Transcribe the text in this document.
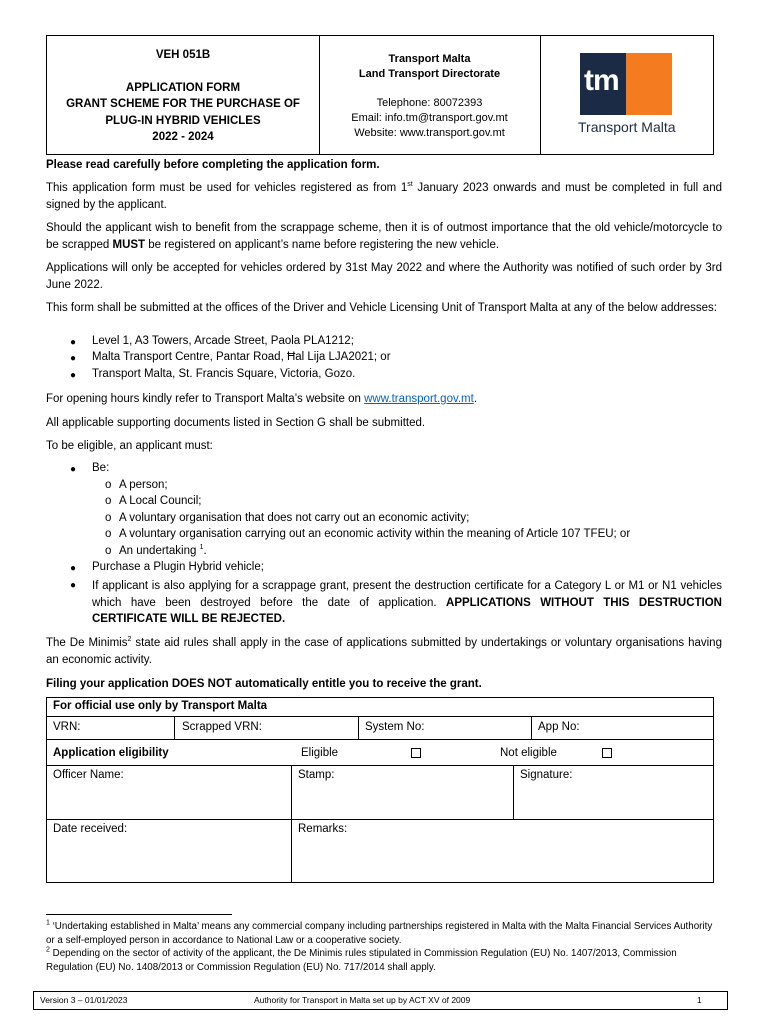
VEH 051B
APPLICATION FORM
GRANT SCHEME FOR THE PURCHASE OF
PLUG-IN HYBRID VEHICLES
2022 - 2024
Transport Malta
Land Transport Directorate
Telephone: 80072393
Email: info.tm@transport.gov.mt
Website: www.transport.gov.mt
tm
Transport Malta

Please read carefully before completing the application form.

This application form must be used for vehicles registered as from 1st January 2023 onwards and must be completed in full and signed by the applicant.

Should the applicant wish to benefit from the scrappage scheme, then it is of outmost importance that the old vehicle/motorcycle to be scrapped MUST be registered on applicant’s name before registering the new vehicle.

Applications will only be accepted for vehicles ordered by 31st May 2022 and where the Authority was notified of such order by 3rd June 2022.

This form shall be submitted at the offices of the Driver and Vehicle Licensing Unit of Transport Malta at any of the below addresses:

● Level 1, A3 Towers, Arcade Street, Paola PLA1212;
● Malta Transport Centre, Pantar Road, Ħal Lija LJA2021; or
● Transport Malta, St. Francis Square, Victoria, Gozo.

For opening hours kindly refer to Transport Malta’s website on www.transport.gov.mt.

All applicable supporting documents listed in Section G shall be submitted.

To be eligible, an applicant must:

● Be:
o A person;
o A Local Council;
o A voluntary organisation that does not carry out an economic activity;
o A voluntary organisation carrying out an economic activity within the meaning of Article 107 TFEU; or
o An undertaking $^1$.
● Purchase a Plugin Hybrid vehicle;
● If applicant is also applying for a scrappage grant, present the destruction certificate for a Category L or M1 or N1 vehicles which have been destroyed before the date of application. APPLICATIONS WITHOUT THIS DESTRUCTION CERTIFICATE WILL BE REJECTED.

The De Minimis$^2$ state aid rules shall apply in the case of applications submitted by undertakings or voluntary organisations having an economic activity.

Filing your application DOES NOT automatically entitle you to receive the grant.

For official use only by Transport Malta
VRN:	Scrapped VRN:	System No:	App No:
Application eligibility	Eligible	Not eligible
Officer Name:	Stamp:	Signature:
Date received:	Remarks:

$^1$ ‘Undertaking established in Malta’ means any commercial company including partnerships registered in Malta with the Malta Financial Services Authority or a self-employed person in accordance to National Law or a cooperative society.

$^2$ Depending on the sector of activity of the applicant, the De Minimis rules stipulated in Commission Regulation (EU) No. 1407/2013, Commission Regulation (EU) No. 1408/2013 or Commission Regulation (EU) No. 717/2014 shall apply.

Version 3 – 01/01/2023	Authority for Transport in Malta set up by ACT XV of 2009	1
